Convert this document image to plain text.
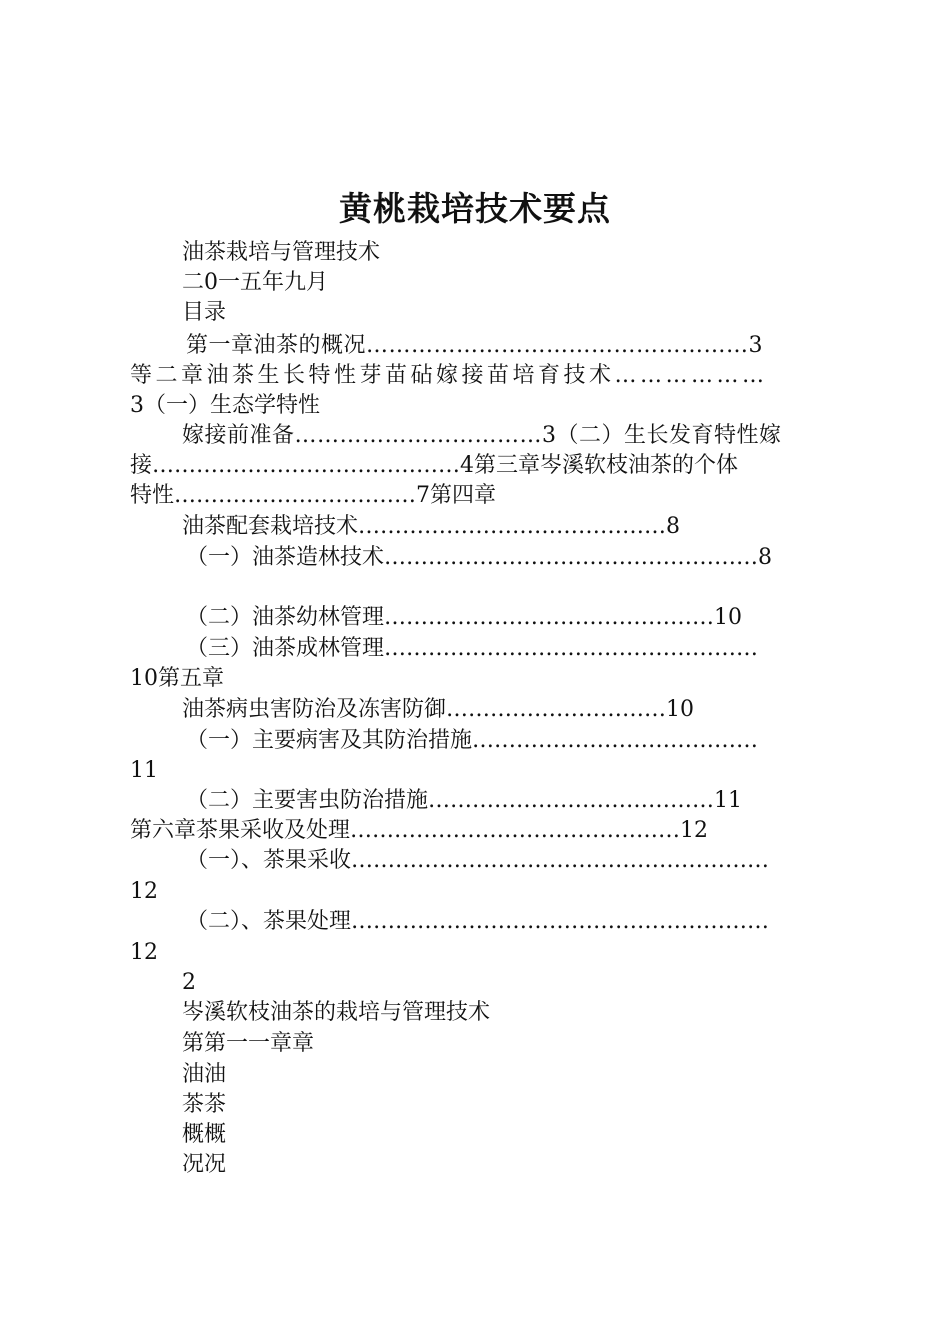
黄桃栽培技术要点
油茶栽培与管理技术
二0一五年九月
目录
第一章油茶的概况……………………………………………3
等二章油茶生长特性芽苗砧嫁接苗培育技术………………
3（一）生态学特性
嫁接前准备……………………………3（二）生长发育特性嫁
接……………………………………4第三章岑溪软枝油茶的个体
特性……………………………7第四章
油茶配套栽培技术……………………………………8
（一）油茶造林技术……………………………………………8
（二）油茶幼林管理………………………………………10
（三）油茶成林管理……………………………………………
10第五章
油茶病虫害防治及冻害防御…………………………10
（一）主要病害及其防治措施…………………………………
11
（二）主要害虫防治措施…………………………………11
第六章茶果采收及处理………………………………………12
（一）、茶果采收…………………………………………………
12
（二）、茶果处理…………………………………………………
12
2
岑溪软枝油茶的栽培与管理技术
第第一一章章
油油
茶茶
概概
况况
